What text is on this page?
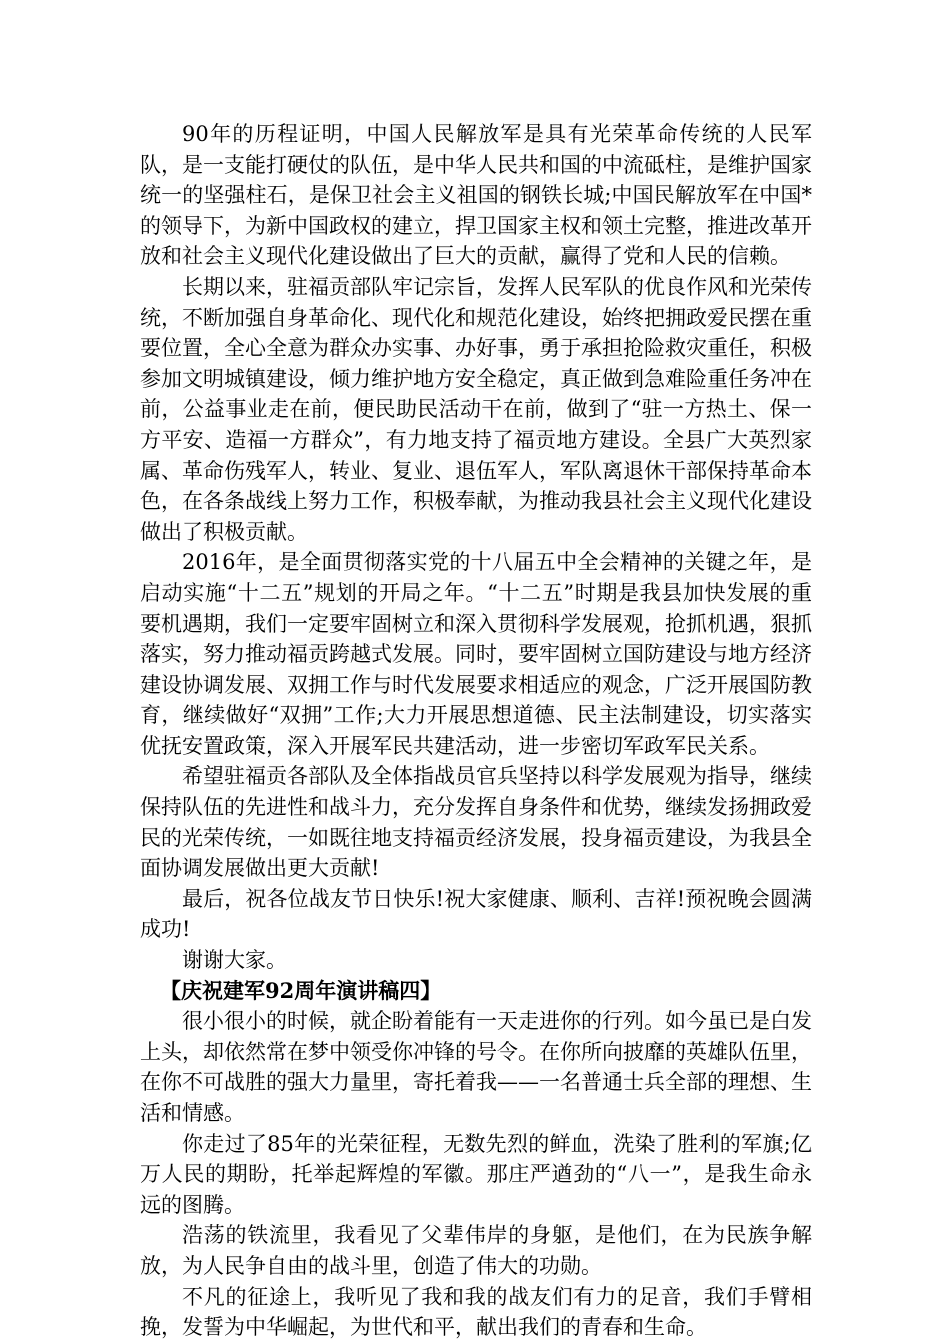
90年的历程证明，中国人民解放军是具有光荣革命传统的人民军队，是一支能打硬仗的队伍，是中华人民共和国的中流砥柱，是维护国家统一的坚强柱石，是保卫社会主义祖国的钢铁长城;中国民解放军在中国*的领导下，为新中国政权的建立，捍卫国家主权和领土完整，推进改革开放和社会主义现代化建设做出了巨大的贡献，赢得了党和人民的信赖。

长期以来，驻福贡部队牢记宗旨，发挥人民军队的优良作风和光荣传统，不断加强自身革命化、现代化和规范化建设，始终把拥政爱民摆在重要位置，全心全意为群众办实事、办好事，勇于承担抢险救灾重任，积极参加文明城镇建设，倾力维护地方安全稳定，真正做到急难险重任务冲在前，公益事业走在前，便民助民活动干在前，做到了“驻一方热土、保一方平安、造福一方群众”，有力地支持了福贡地方建设。全县广大英烈家属、革命伤残军人，转业、复业、退伍军人，军队离退休干部保持革命本色，在各条战线上努力工作，积极奉献，为推动我县社会主义现代化建设做出了积极贡献。

2016年，是全面贯彻落实党的十八届五中全会精神的关键之年，是启动实施“十二五”规划的开局之年。“十二五”时期是我县加快发展的重要机遇期，我们一定要牢固树立和深入贯彻科学发展观，抢抓机遇，狠抓落实，努力推动福贡跨越式发展。同时，要牢固树立国防建设与地方经济建设协调发展、双拥工作与时代发展要求相适应的观念，广泛开展国防教育，继续做好“双拥”工作;大力开展思想道德、民主法制建设，切实落实优抚安置政策，深入开展军民共建活动，进一步密切军政军民关系。

希望驻福贡各部队及全体指战员官兵坚持以科学发展观为指导，继续保持队伍的先进性和战斗力，充分发挥自身条件和优势，继续发扬拥政爱民的光荣传统，一如既往地支持福贡经济发展，投身福贡建设，为我县全面协调发展做出更大贡献!

最后，祝各位战友节日快乐!祝大家健康、顺利、吉祥!预祝晚会圆满成功!

谢谢大家。

【庆祝建军92周年演讲稿四】

很小很小的时候，就企盼着能有一天走进你的行列。如今虽已是白发上头，却依然常在梦中领受你冲锋的号令。在你所向披靡的英雄队伍里，在你不可战胜的强大力量里，寄托着我——一名普通士兵全部的理想、生活和情感。

你走过了85年的光荣征程，无数先烈的鲜血，洗染了胜利的军旗;亿万人民的期盼，托举起辉煌的军徽。那庄严遒劲的“八一”，是我生命永远的图腾。

浩荡的铁流里，我看见了父辈伟岸的身躯，是他们，在为民族争解放，为人民争自由的战斗里，创造了伟大的功勋。

不凡的征途上，我听见了我和我的战友们有力的足音，我们手臂相挽，发誓为中华崛起，为世代和平，献出我们的青春和生命。
